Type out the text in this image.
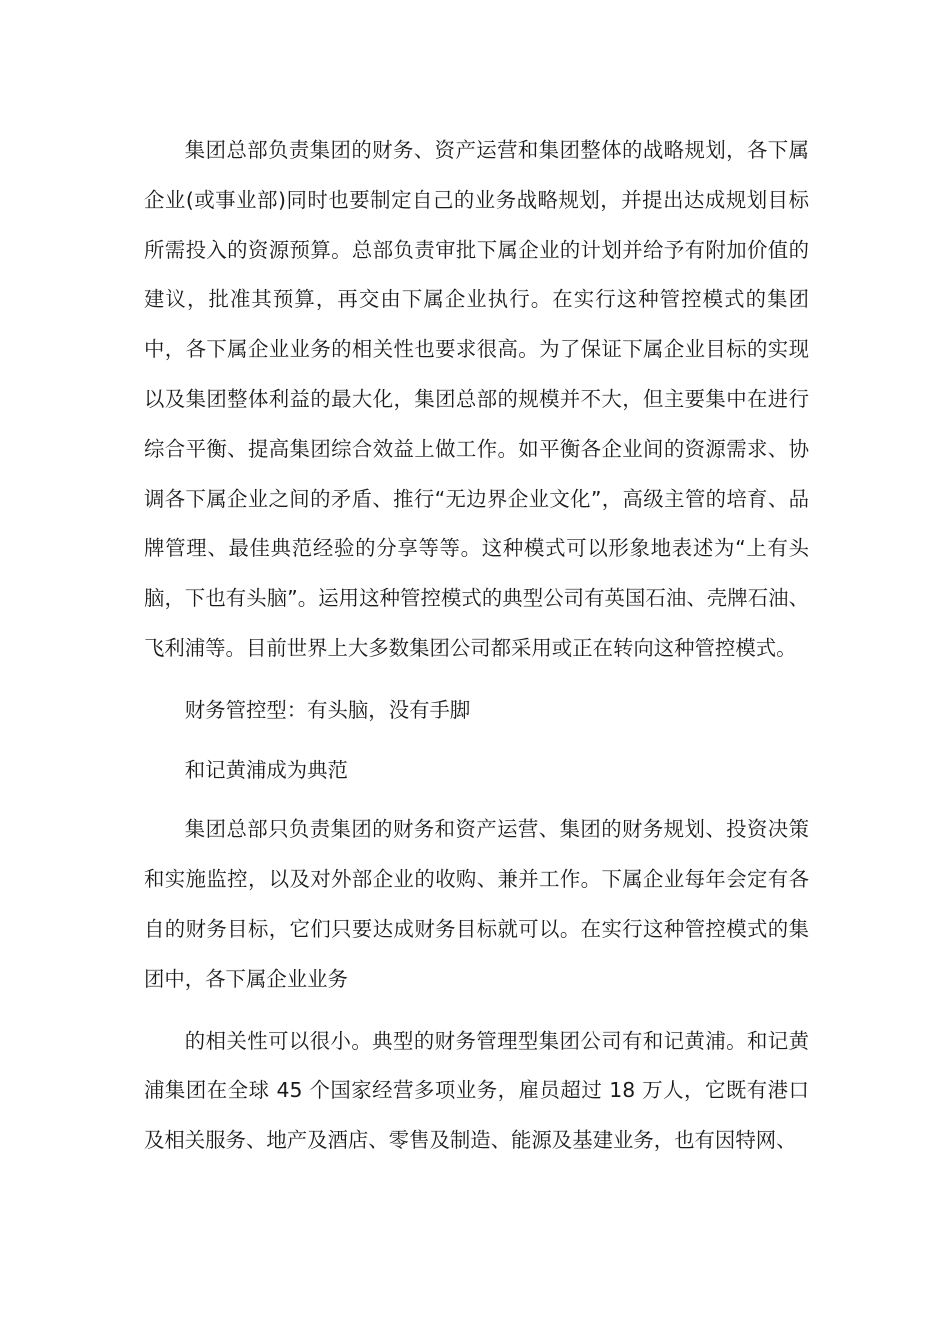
集团总部负责集团的财务、资产运营和集团整体的战略规划，各下属企业(或事业部)同时也要制定自己的业务战略规划，并提出达成规划目标所需投入的资源预算。总部负责审批下属企业的计划并给予有附加价值的建议，批准其预算，再交由下属企业执行。在实行这种管控模式的集团中，各下属企业业务的相关性也要求很高。为了保证下属企业目标的实现以及集团整体利益的最大化，集团总部的规模并不大，但主要集中在进行综合平衡、提高集团综合效益上做工作。如平衡各企业间的资源需求、协调各下属企业之间的矛盾、推行“无边界企业文化”，高级主管的培育、品牌管理、最佳典范经验的分享等等。这种模式可以形象地表述为“上有头脑，下也有头脑”。运用这种管控模式的典型公司有英国石油、壳牌石油、飞利浦等。目前世界上大多数集团公司都采用或正在转向这种管控模式。

财务管控型：有头脑，没有手脚

和记黄浦成为典范

集团总部只负责集团的财务和资产运营、集团的财务规划、投资决策和实施监控，以及对外部企业的收购、兼并工作。下属企业每年会定有各自的财务目标，它们只要达成财务目标就可以。在实行这种管控模式的集团中，各下属企业业务

的相关性可以很小。典型的财务管理型集团公司有和记黄浦。和记黄浦集团在全球 45 个国家经营多项业务，雇员超过 18 万人，它既有港口及相关服务、地产及酒店、零售及制造、能源及基建业务，也有因特网、
